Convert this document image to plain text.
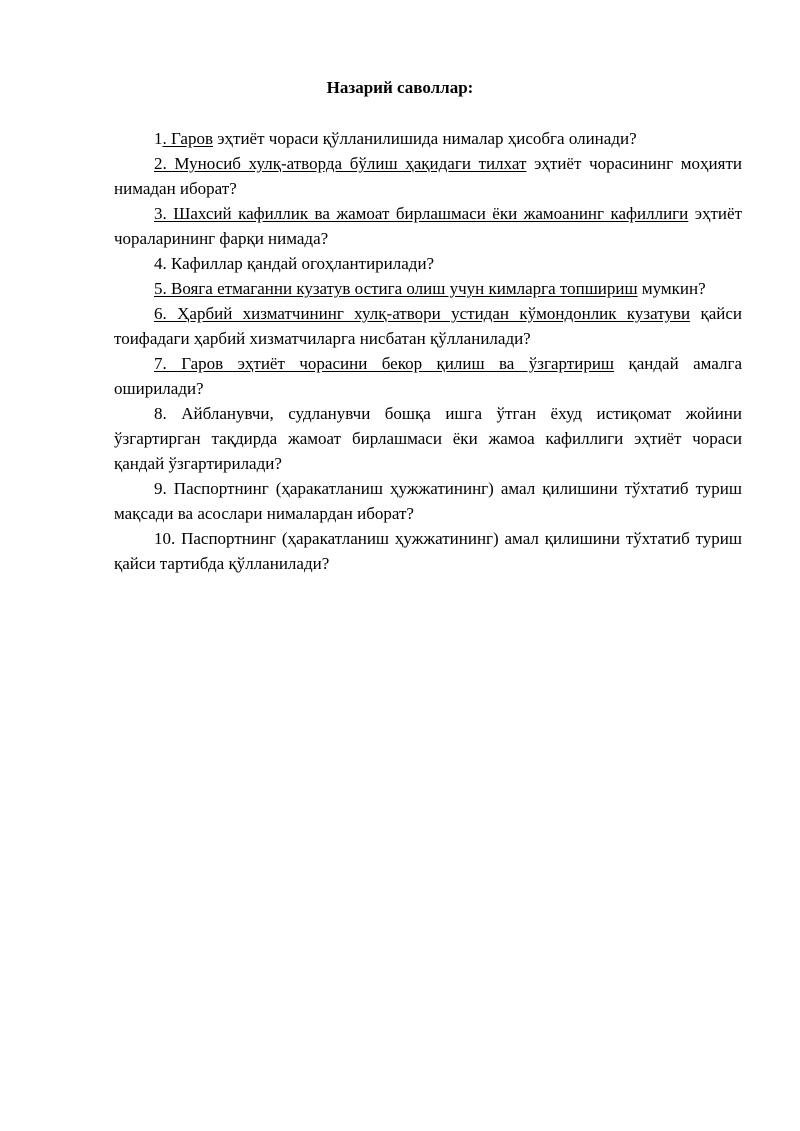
Назарий саволлар:

1. Гаров эҳтиёт чораси қўлланилишида нималар ҳисобга олинади?

2. Муносиб хулқ-атворда бўлиш ҳақидаги тилхат эҳтиёт чорасининг моҳияти нимадан иборат?

3. Шахсий кафиллик ва жамоат бирлашмаси ёки жамоанинг кафиллиги эҳтиёт чораларининг фарқи нимада?

4. Кафиллар қандай огоҳлантирилади?

5. Вояга етмаганни кузатув остига олиш учун кимларга топшириш мумкин?

6. Ҳарбий хизматчининг хулқ-атвори устидан кўмондонлик кузатуви қайси тоифадаги ҳарбий хизматчиларга нисбатан қўлланилади?

7. Гаров эҳтиёт чорасини бекор қилиш ва ўзгартириш қандай амалга оширилади?

8. Айбланувчи, судланувчи бошқа ишга ўтган ёхуд истиқомат жойини ўзгартирган тақдирда жамоат бирлашмаси ёки жамоа кафиллиги эҳтиёт чораси қандай ўзгартирилади?

9. Паспортнинг (ҳаракатланиш ҳужжатининг) амал қилишини тўхтатиб туриш мақсади ва асослари нималардан иборат?

10. Паспортнинг (ҳаракатланиш ҳужжатининг) амал қилишини тўхтатиб туриш қайси тартибда қўлланилади?
